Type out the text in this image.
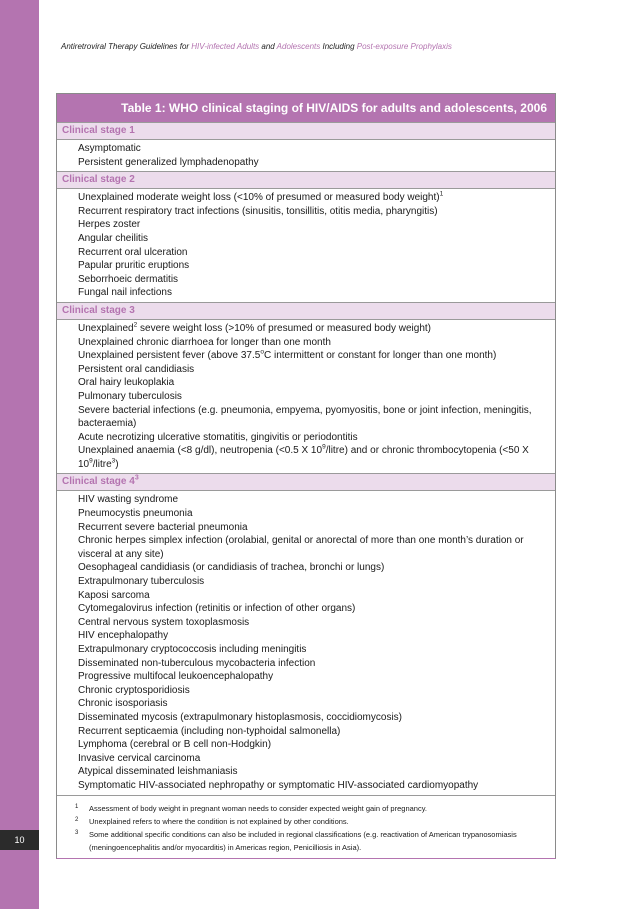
10
Antiretroviral Therapy Guidelines for HIV-infected Adults and Adolescents Including Post-exposure Prophylaxis
Table 1: WHO clinical staging of HIV/AIDS for adults and adolescents, 2006
Clinical stage 1
Asymptomatic
Persistent generalized lymphadenopathy
Clinical stage 2
Unexplained moderate weight loss (<10% of presumed or measured body weight)$^1$
Recurrent respiratory tract infections (sinusitis, tonsillitis, otitis media, pharyngitis)
Herpes zoster
Angular cheilitis
Recurrent oral ulceration
Papular pruritic eruptions
Seborrhoeic dermatitis
Fungal nail infections
Clinical stage 3
Unexplained$^2$ severe weight loss (>10% of presumed or measured body weight)
Unexplained chronic diarrhoea for longer than one month
Unexplained persistent fever (above 37.5$^o$C intermittent or constant for longer than one month)
Persistent oral candidiasis
Oral hairy leukoplakia
Pulmonary tuberculosis
Severe bacterial infections (e.g. pneumonia, empyema, pyomyositis, bone or joint infection, meningitis, bacteraemia)
Acute necrotizing ulcerative stomatitis, gingivitis or periodontitis
Unexplained anaemia (<8 g/dl), neutropenia (<0.5 X $10^9/litre$) and or chronic thrombocytopenia (<50 X $10^9/litre^3$)
Clinical stage $4^3$
HIV wasting syndrome
Pneumocystis pneumonia
Recurrent severe bacterial pneumonia
Chronic herpes simplex infection (orolabial, genital or anorectal of more than one month’s duration or visceral at any site)
Oesophageal candidiasis (or candidiasis of trachea, bronchi or lungs)
Extrapulmonary tuberculosis
Kaposi sarcoma
Cytomegalovirus infection (retinitis or infection of other organs)
Central nervous system toxoplasmosis
HIV encephalopathy
Extrapulmonary cryptococcosis including meningitis
Disseminated non-tuberculous mycobacteria infection
Progressive multifocal leukoencephalopathy
Chronic cryptosporidiosis
Chronic isosporiasis
Disseminated mycosis (extrapulmonary histoplasmosis, coccidiomycosis)
Recurrent septicaemia (including non-typhoidal salmonella)
Lymphoma (cerebral or B cell non-Hodgkin)
Invasive cervical carcinoma
Atypical disseminated leishmaniasis
Symptomatic HIV-associated nephropathy or symptomatic HIV-associated cardiomyopathy
1	Assessment of body weight in pregnant woman needs to consider expected weight gain of pregnancy.
2	Unexplained refers to where the condition is not explained by other conditions.
3	Some additional specific conditions can also be included in regional classifications (e.g. reactivation of American trypanosomiasis (meningoencephalitis and/or myocarditis) in Americas region, Penicilliosis in Asia).
